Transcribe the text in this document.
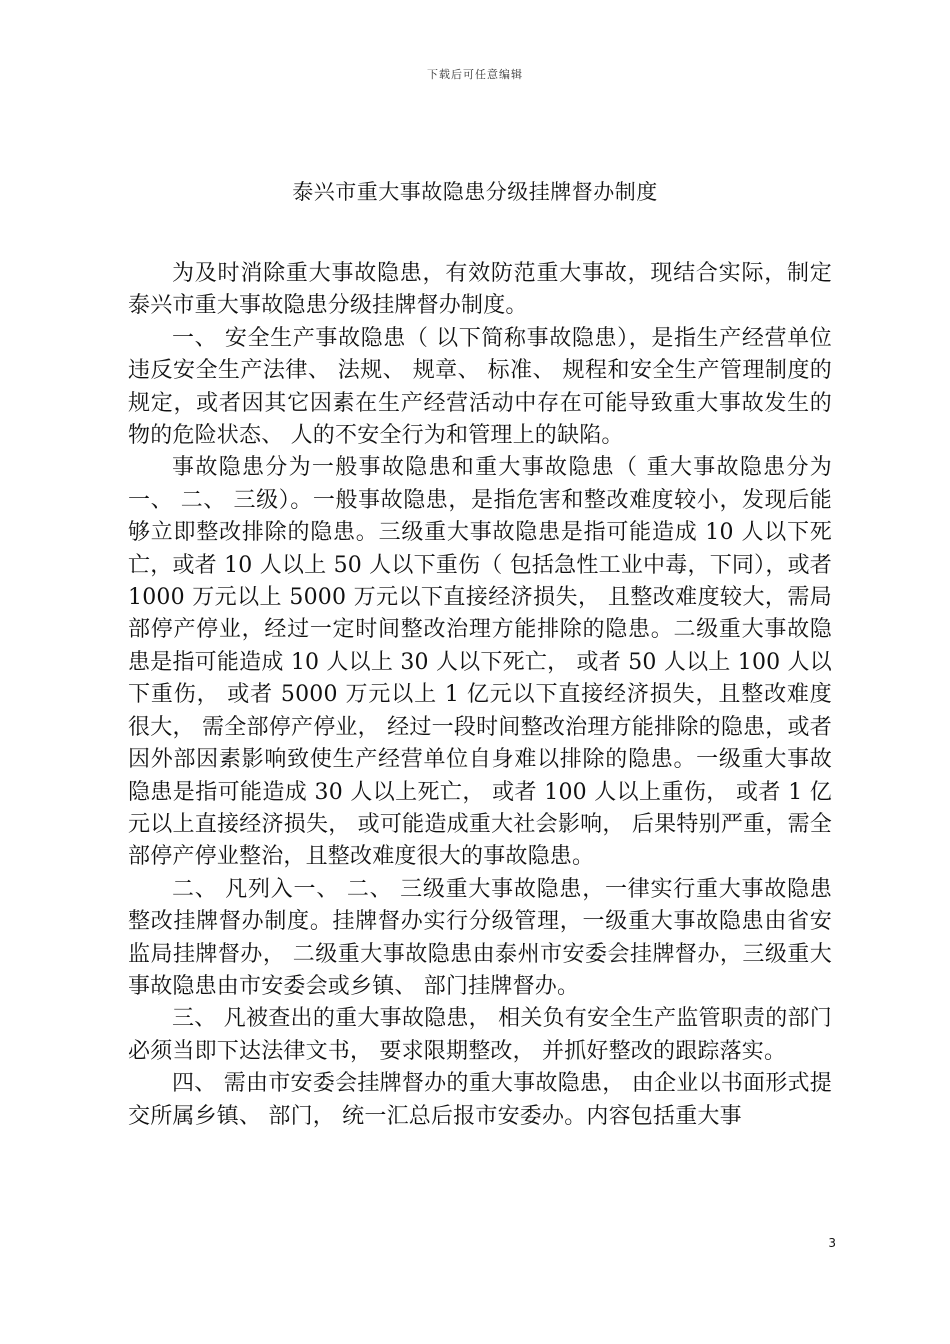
下载后可任意编辑
泰兴市重大事故隐患分级挂牌督办制度

为及时消除重大事故隐患，有效防范重大事故，现结合实际，制定泰兴市重大事故隐患分级挂牌督办制度。

一、 安全生产事故隐患（ 以下简称事故隐患），是指生产经营单位违反安全生产法律、 法规、 规章、 标准、 规程和安全生产管理制度的规定，或者因其它因素在生产经营活动中存在可能导致重大事故发生的物的危险状态、 人的不安全行为和管理上的缺陷。

事故隐患分为一般事故隐患和重大事故隐患（ 重大事故隐患分为一、 二、 三级）。一般事故隐患，是指危害和整改难度较小，发现后能够立即整改排除的隐患。三级重大事故隐患是指可能造成 10 人以下死亡，或者 10 人以上 50 人以下重伤（ 包括急性工业中毒，下同），或者 1000 万元以上 5000 万元以下直接经济损失， 且整改难度较大，需局部停产停业，经过一定时间整改治理方能排除的隐患。二级重大事故隐患是指可能造成 10 人以上 30 人以下死亡， 或者 50 人以上 100 人以下重伤， 或者 5000 万元以上 1 亿元以下直接经济损失，且整改难度很大， 需全部停产停业， 经过一段时间整改治理方能排除的隐患，或者因外部因素影响致使生产经营单位自身难以排除的隐患。一级重大事故隐患是指可能造成 30 人以上死亡， 或者 100 人以上重伤， 或者 1 亿元以上直接经济损失， 或可能造成重大社会影响， 后果特别严重，需全部停产停业整治，且整改难度很大的事故隐患。

二、 凡列入一、 二、 三级重大事故隐患，一律实行重大事故隐患整改挂牌督办制度。挂牌督办实行分级管理，一级重大事故隐患由省安监局挂牌督办， 二级重大事故隐患由泰州市安委会挂牌督办，三级重大事故隐患由市安委会或乡镇、 部门挂牌督办。

三、 凡被查出的重大事故隐患， 相关负有安全生产监管职责的部门必须当即下达法律文书， 要求限期整改， 并抓好整改的跟踪落实。

四、 需由市安委会挂牌督办的重大事故隐患， 由企业以书面形式提交所属乡镇、 部门， 统一汇总后报市安委办。内容包括重大事

3
